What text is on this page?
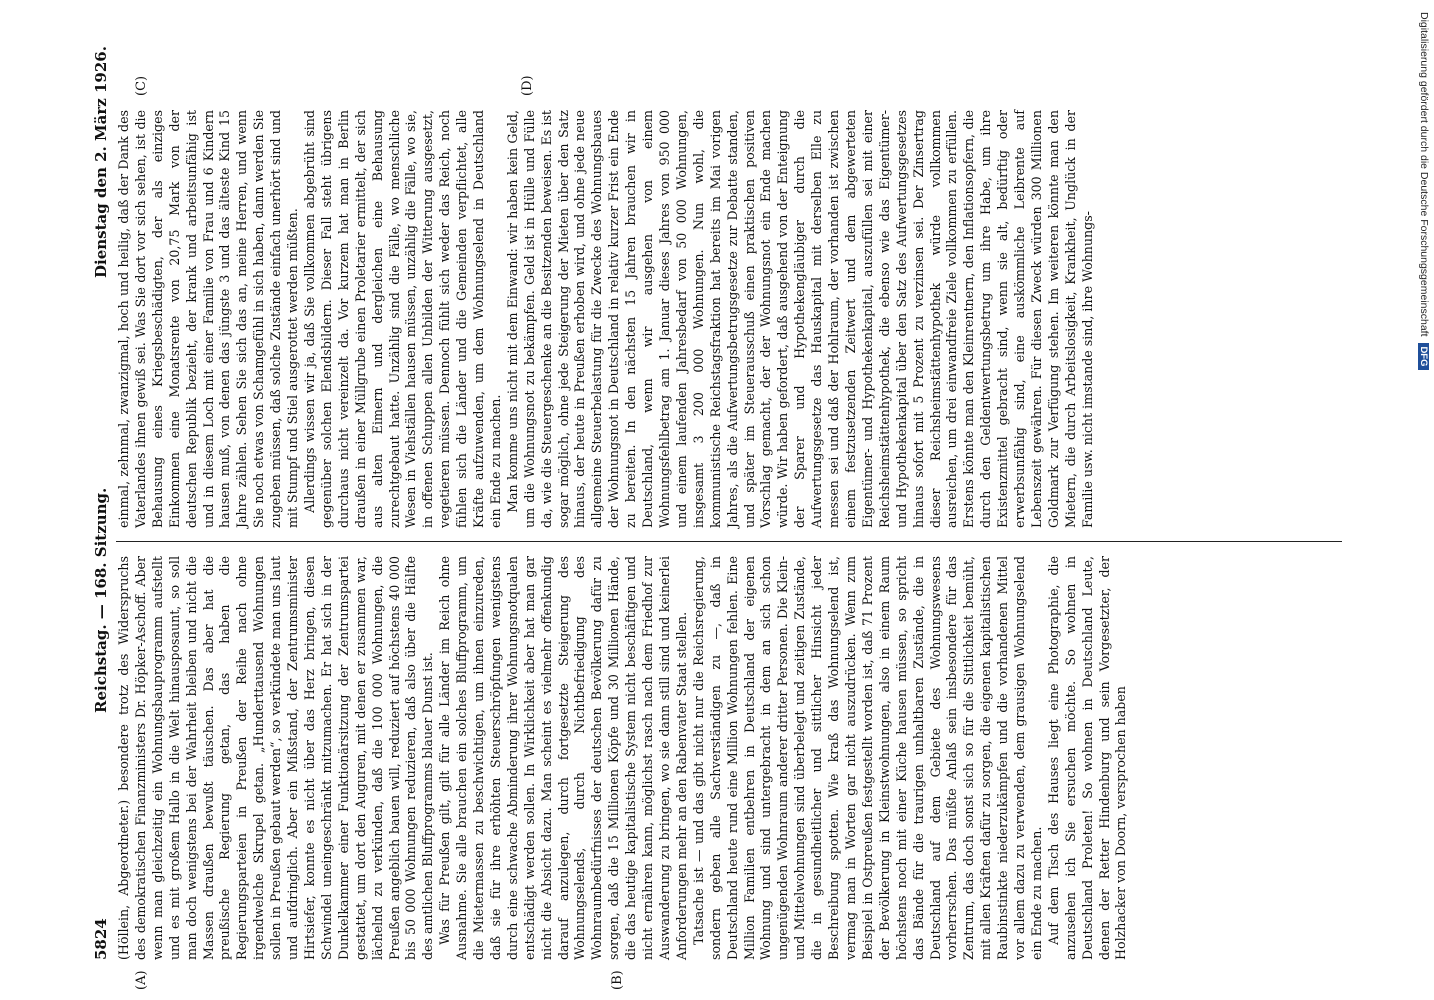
5824
Reichstag. — 168. Sitzung.
Dienstag den 2. März 1926.
(A)	(B)
(C)	(D)

(Höllein, Abgeordneter.) besondere trotz des Widerspruchs des demokratischen Finanzministers Dr. Höpker-Aschoff. Aber wenn man gleichzeitig ein Wohnungsbauprogramm aufstellt und es mit großem Hallo in die Welt hinausposaunt, so soll man doch wenigstens bei der Wahrheit bleiben und nicht die Massen draußen bewußt täuschen. Das aber hat die preußische Regierung getan, das haben die Regierungsparteien in Preußen der Reihe nach ohne irgendwelche Skrupel getan. „Hunderttausend Wohnungen sollen in Preußen gebaut werden“, so verkündete man uns laut und aufdringlich. Aber ein Mißstand, der Zentrumsminister Hirtsiefer, konnte es nicht über das Herz bringen, diesen Schwindel uneingeschränkt mitzumachen. Er hat sich in der Dunkelkammer einer Funktionärsitzung der Zentrumspartei gestattet, um dort den Auguren, mit denen er zusammen war, lächelnd zu verkünden, daß die 100 000 Wohnungen, die Preußen angeblich bauen will, reduziert auf höchstens 40 000 bis 50 000 Wohnungen reduzieren, daß also über die Hälfte des amtlichen Bluffprogramms blauer Dunst ist. Was für Preußen gilt, gilt für alle Länder im Reich ohne Ausnahme. Sie alle brauchen ein solches Bluffprogramm, um die Mietermassen zu beschwichtigen, um ihnen einzureden, daß sie für ihre erhöhten Steuerschröpfungen wenigstens durch eine schwache Abminderung ihrer Wohnungsnotqualen entschädigt werden sollen. In Wirklichkeit aber hat man gar nicht die Absicht dazu. Man scheint es vielmehr offenkundig darauf anzulegen, durch fortgesetzte Steigerung des Wohnungselends, durch Nichtbefriedigung des Wohnraumbedürfnisses der deutschen Bevölkerung dafür zu sorgen, daß die 15 Millionen Köpfe und 30 Millionen Hände, die das heutige kapitalistische System nicht beschäftigen und nicht ernähren kann, möglichst rasch nach dem Friedhof zur Auswanderung zu bringen, wo sie dann still sind und keinerlei Anforderungen mehr an den Rabenvater Staat stellen. Tatsache ist — und das gibt nicht nur die Reichsregierung, sondern geben alle Sachverständigen zu —, daß in Deutschland heute rund eine Million Wohnungen fehlen. Eine Million Familien entbehren in Deutschland der eigenen Wohnung und sind untergebracht in dem an sich schon ungenügenden Wohnraum anderer dritter Personen. Die Klein- und Mittelwohnungen sind überbelegt und zeitigen Zustände, die in gesundheitlicher und sittlicher Hinsicht jeder Beschreibung spotten. Wie kraß das Wohnungselend ist, vermag man in Worten gar nicht auszudrücken. Wenn zum Beispiel in Ostpreußen festgestellt worden ist, daß 71 Prozent der Bevölkerung in Kleinstwohnungen, also in einem Raum höchstens noch mit einer Küche hausen müssen, so spricht das Bände für die traurigen unhaltbaren Zustände, die in Deutschland auf dem Gebiete des Wohnungswesens vorherrschen. Das müßte Anlaß sein insbesondere für das Zentrum, das doch sonst sich so für die Sittlichkeit bemüht, mit allen Kräften dafür zu sorgen, die eigenen kapitalistischen Raubinstinkte niederzukämpfen und die vorhandenen Mittel vor allem dazu zu verwenden, dem grausigen Wohnungselend ein Ende zu machen. Auf dem Tisch des Hauses liegt eine Photographie, die anzusehen ich Sie ersuchen möchte. So wohnen in Deutschland Proleten! So wohnen in Deutschland Leute, denen der Retter Hindenburg und sein Vorgesetzter, der Holzhacker von Doorn, versprochen haben

einmal, zehnmal, zwanzigmal, hoch und heilig, daß der Dank des Vaterlandes ihnen gewiß sei. Was Sie dort vor sich sehen, ist die Behausung eines Kriegsbeschädigten, der als einziges Einkommen eine Monatsrente von 20,75 Mark von der deutschen Republik bezieht, der krank und arbeitsunfähig ist und in diesem Loch mit einer Familie von Frau und 6 Kindern hausen muß, von denen das jüngste 3 und das älteste Kind 15 Jahre zählen. Sehen Sie sich das an, meine Herren, und wenn Sie noch etwas von Schamgefühl in sich haben, dann werden Sie zugeben müssen, daß solche Zustände einfach unerhört sind und mit Stumpf und Stiel ausgerottet werden müßten. Allerdings wissen wir ja, daß Sie vollkommen abgebrüht sind gegenüber solchen Elendsbildern. Dieser Fall steht übrigens durchaus nicht vereinzelt da. Vor kurzem hat man in Berlin draußen in einer Müllgrube einen Proletarier ermittelt, der sich aus alten Eimern und dergleichen eine Behausung zurechtgebaut hatte. Unzählig sind die Fälle, wo menschliche Wesen in Viehställen hausen müssen, unzählig die Fälle, wo sie, in offenen Schuppen allen Unbilden der Witterung ausgesetzt, vegetieren müssen. Dennoch fühlt sich weder das Reich, noch fühlen sich die Länder und die Gemeinden verpflichtet, alle Kräfte aufzuwenden, um dem Wohnungselend in Deutschland ein Ende zu machen. Man komme uns nicht mit dem Einwand: wir haben kein Geld, um die Wohnungsnot zu bekämpfen. Geld ist in Hülle und Fülle da, wie die Steuergeschenke an die Besitzenden beweisen. Es ist sogar möglich, ohne jede Steigerung der Mieten über den Satz hinaus, der heute in Preußen erhoben wird, und ohne jede neue allgemeine Steuerbelastung für die Zwecke des Wohnungsbaues der Wohnungsnot in Deutschland in relativ kurzer Frist ein Ende zu bereiten. In den nächsten 15 Jahren brauchen wir in Deutschland, wenn wir ausgehen von einem Wohnungsfehlbetrag am 1. Januar dieses Jahres von 950 000 und einem laufenden Jahresbedarf von 50 000 Wohnungen, insgesamt 3 200 000 Wohnungen. Nun wohl, die kommunistische Reichstagsfraktion hat bereits im Mai vorigen Jahres, als die Aufwertungsbetrugsgesetze zur Debatte standen, und später im Steuerausschuß einen praktischen positiven Vorschlag gemacht, der der Wohnungsnot ein Ende machen würde. Wir haben gefordert, daß ausgehend von der Enteignung der Sparer und Hypothekengläubiger durch die Aufwertungsgesetze das Hauskapital mit derselben Elle zu messen sei und daß der Hohlraum, der vorhanden ist zwischen einem festzusetzenden Zeitwert und dem abgewerteten Eigentümer- und Hypothekenkapital, auszufüllen sei mit einer Reichsheimstättenhypothek, die ebenso wie das Eigentümer- und Hypothekenkapital über den Satz des Aufwertungsgesetzes hinaus sofort mit 5 Prozent zu verzinsen sei. Der Zinsertrag dieser Reichsheimstättenhypothek würde vollkommen ausreichen, um drei einwandfreie Ziele vollkommen zu erfüllen. Erstens könnte man den Kleinrentnern, den Inflationsopfern, die durch den Geldentwertungsbetrug um ihre Habe, um ihre Existenzmittel gebracht sind, wenn sie alt, bedürftig oder erwerbsunfähig sind, eine auskömmliche Leibrente auf Lebenszeit gewähren. Für diesen Zweck würden 300 Millionen Goldmark zur Verfügung stehen. Im weiteren könnte man den Mietern, die durch Arbeitslosigkeit, Krankheit, Unglück in der Familie usw. nicht imstande sind, ihre Wohnungs-

Digitalisierung gefördert durch die Deutsche Forschungsgemeinschaft DFG
